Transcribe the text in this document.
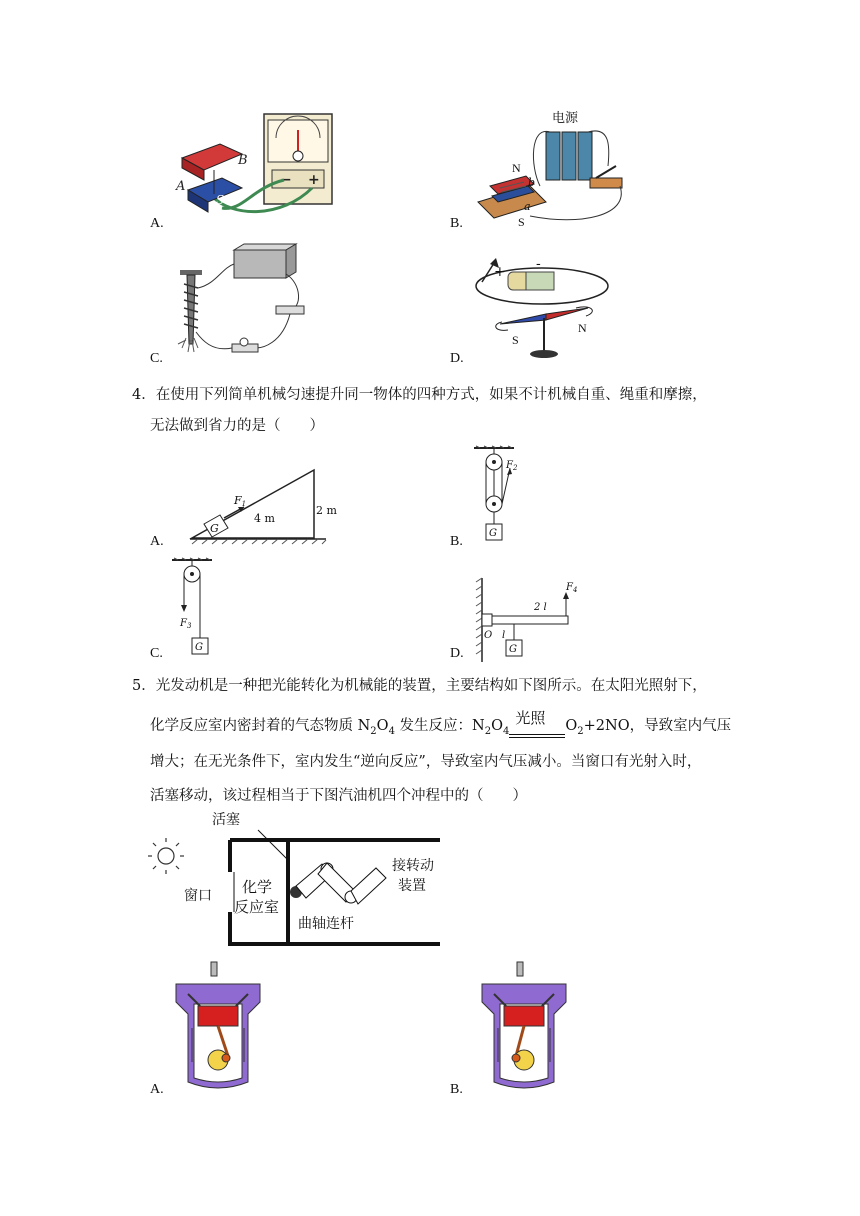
− +
B
A
S
A.
电源
N
b
a
S
B.
C.
+ -
S
N
D.
4．在使用下列简单机械匀速提升同一物体的四种方式，如果不计机械自重、绳重和摩擦，
无法做到省力的是（　　）
G
F1
4 m
2 m
A.
$F_2$
G
B.
$F_3$
G
C.
$F_4$
2 l
O l
G
D.
5．光发动机是一种把光能转化为机械能的装置，主要结构如下图所示。在太阳光照射下，
化学反应室内密封着的气态物质 $N_2O_4$ 发生反应：$N_2O_4$
光照 $O_2+2NO$，导致室内气压
增大；在无光条件下，室内发生“逆向反应”，导致室内气压减小。当窗口有光射入时，
活塞移动，该过程相当于下图汽油机四个冲程中的（　　）
活塞
窗口 化学
反应室
曲轴连杆
接转动
装置
A.	B.
